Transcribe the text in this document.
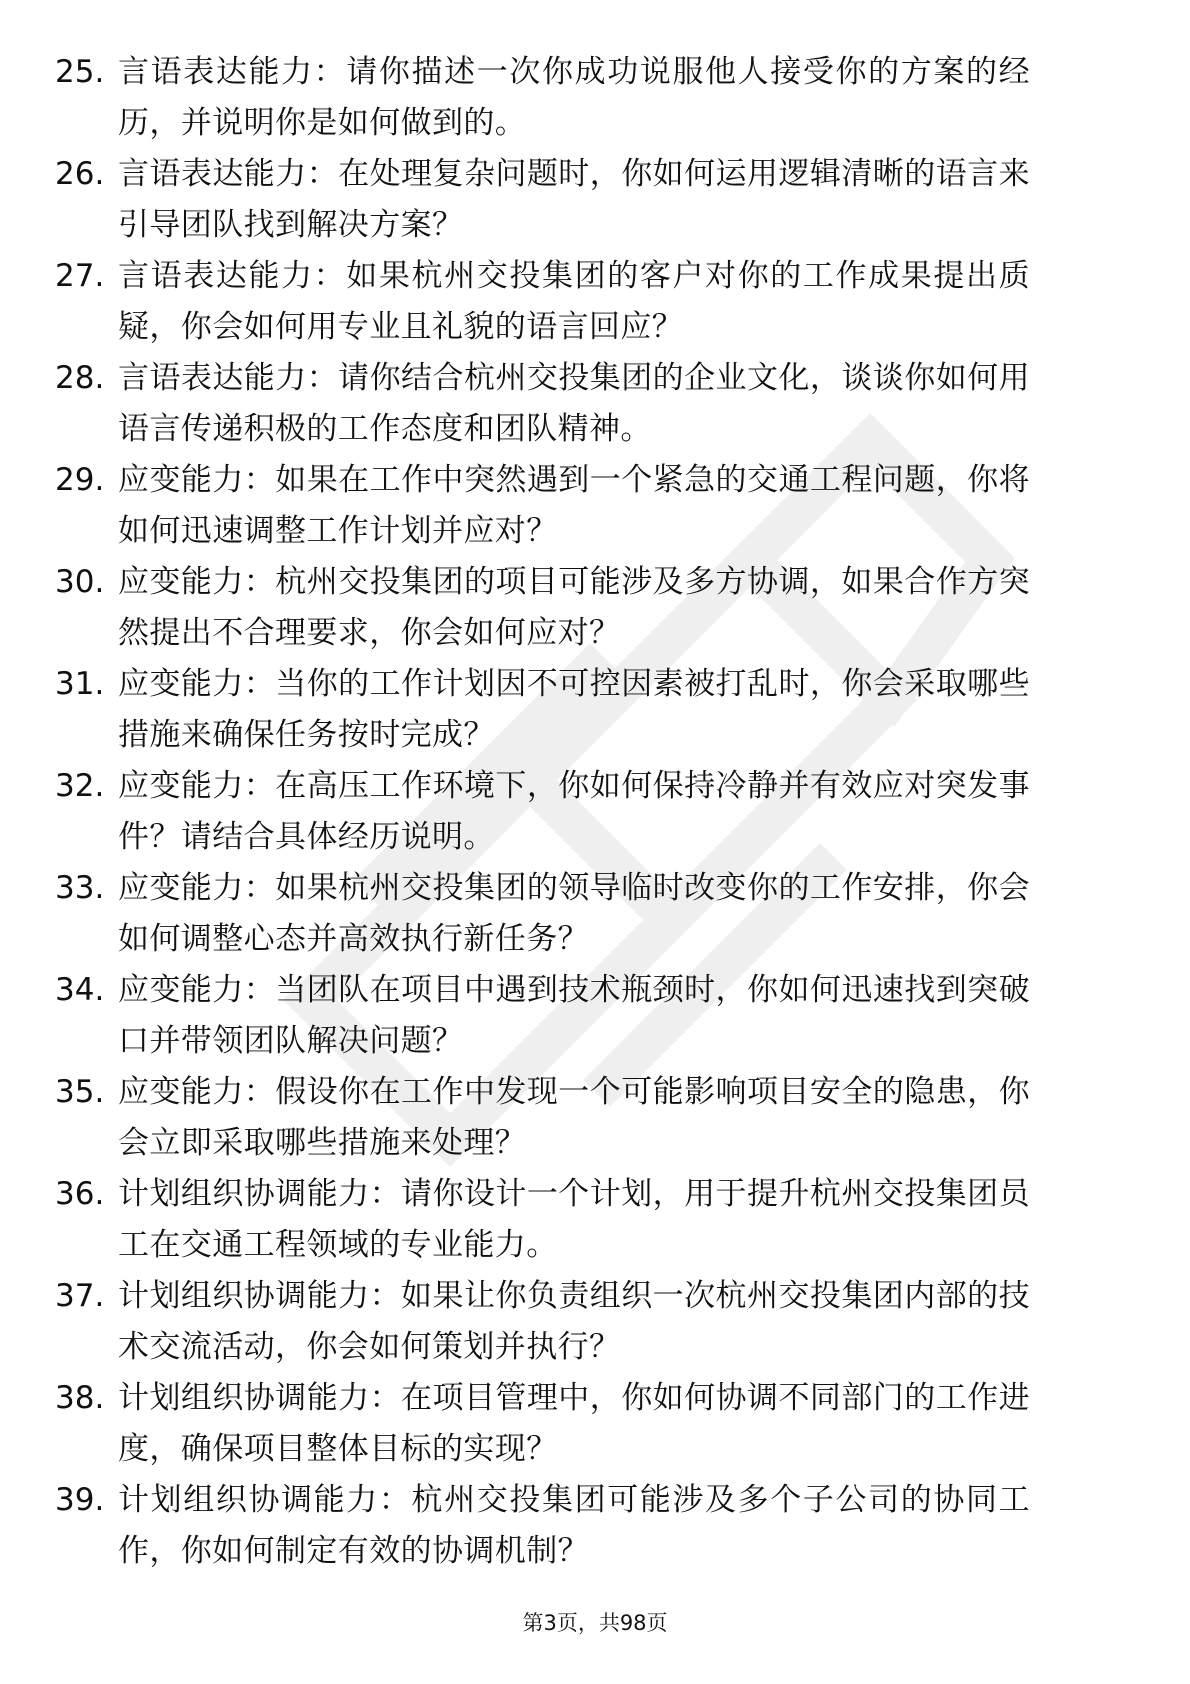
25. 言语表达能力：请你描述一次你成功说服他人接受你的方案的经历，并说明你是如何做到的。
26. 言语表达能力：在处理复杂问题时，你如何运用逻辑清晰的语言来引导团队找到解决方案？
27. 言语表达能力：如果杭州交投集团的客户对你的工作成果提出质疑，你会如何用专业且礼貌的语言回应？
28. 言语表达能力：请你结合杭州交投集团的企业文化，谈谈你如何用语言传递积极的工作态度和团队精神。
29. 应变能力：如果在工作中突然遇到一个紧急的交通工程问题，你将如何迅速调整工作计划并应对？
30. 应变能力：杭州交投集团的项目可能涉及多方协调，如果合作方突然提出不合理要求，你会如何应对？
31. 应变能力：当你的工作计划因不可控因素被打乱时，你会采取哪些措施来确保任务按时完成？
32. 应变能力：在高压工作环境下，你如何保持冷静并有效应对突发事件？请结合具体经历说明。
33. 应变能力：如果杭州交投集团的领导临时改变你的工作安排，你会如何调整心态并高效执行新任务？
34. 应变能力：当团队在项目中遇到技术瓶颈时，你如何迅速找到突破口并带领团队解决问题？
35. 应变能力：假设你在工作中发现一个可能影响项目安全的隐患，你会立即采取哪些措施来处理？
36. 计划组织协调能力：请你设计一个计划，用于提升杭州交投集团员工在交通工程领域的专业能力。
37. 计划组织协调能力：如果让你负责组织一次杭州交投集团内部的技术交流活动，你会如何策划并执行？
38. 计划组织协调能力：在项目管理中，你如何协调不同部门的工作进度，确保项目整体目标的实现？
39. 计划组织协调能力：杭州交投集团可能涉及多个子公司的协同工作，你如何制定有效的协调机制？
第3页，共98页
